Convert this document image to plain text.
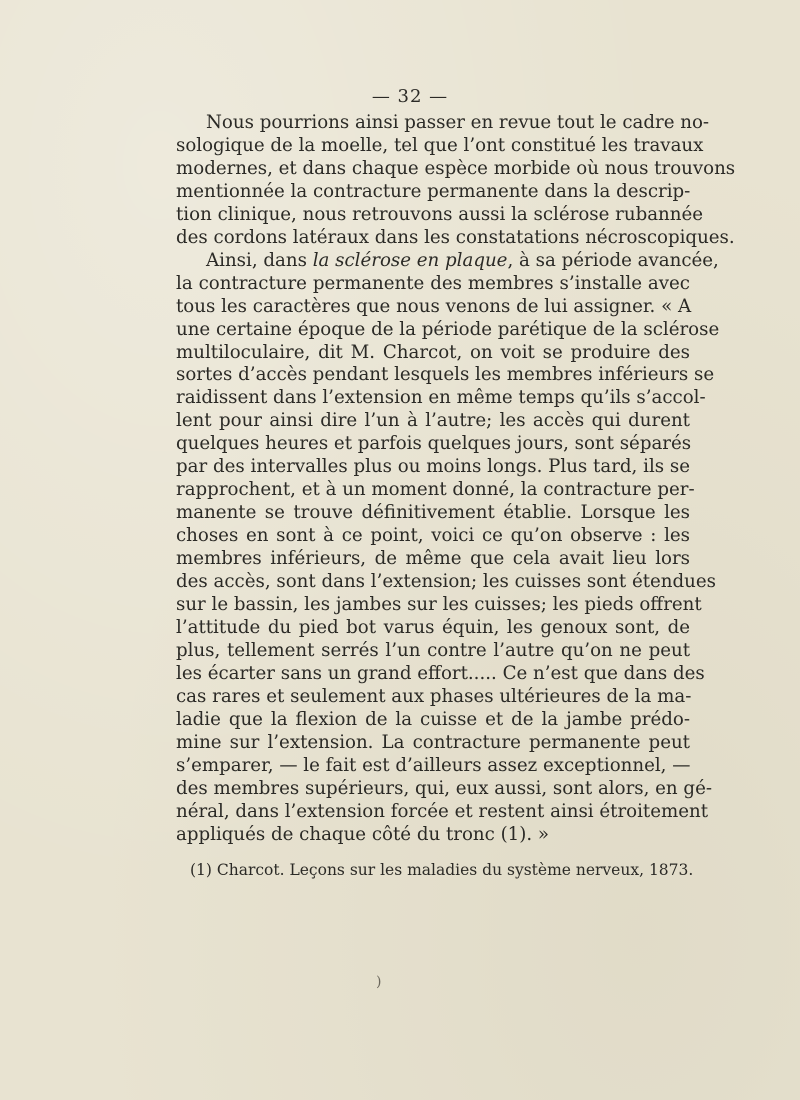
— 32 —
Nous pourrions ainsi passer en revue tout le cadre no-
sologique de la moelle, tel que l’ont constitué les travaux
modernes, et dans chaque espèce morbide où nous trouvons
mentionnée la contracture permanente dans la descrip-
tion clinique, nous retrouvons aussi la sclérose rubannée
des cordons latéraux dans les constatations nécroscopiques.
Ainsi, dans la sclérose en plaque, à sa période avancée,
la contracture permanente des membres s’installe avec
tous les caractères que nous venons de lui assigner. « A
une certaine époque de la période parétique de la sclérose
multiloculaire, dit M. Charcot, on voit se produire des
sortes d’accès pendant lesquels les membres inférieurs se
raidissent dans l’extension en même temps qu’ils s’accol-
lent pour ainsi dire l’un à l’autre; les accès qui durent
quelques heures et parfois quelques jours, sont séparés
par des intervalles plus ou moins longs. Plus tard, ils se
rapprochent, et à un moment donné, la contracture per-
manente se trouve définitivement établie. Lorsque les
choses en sont à ce point, voici ce qu’on observe : les
membres inférieurs, de même que cela avait lieu lors
des accès, sont dans l’extension; les cuisses sont étendues
sur le bassin, les jambes sur les cuisses; les pieds offrent
l’attitude du pied bot varus équin, les genoux sont, de
plus, tellement serrés l’un contre l’autre qu’on ne peut
les écarter sans un grand effort..... Ce n’est que dans des
cas rares et seulement aux phases ultérieures de la ma-
ladie que la flexion de la cuisse et de la jambe prédo-
mine sur l’extension. La contracture permanente peut
s’emparer, — le fait est d’ailleurs assez exceptionnel, —
des membres supérieurs, qui, eux aussi, sont alors, en gé-
néral, dans l’extension forcée et restent ainsi étroitement
appliqués de chaque côté du tronc (1). »
(1) Charcot. Leçons sur les maladies du système nerveux, 1873.
)
